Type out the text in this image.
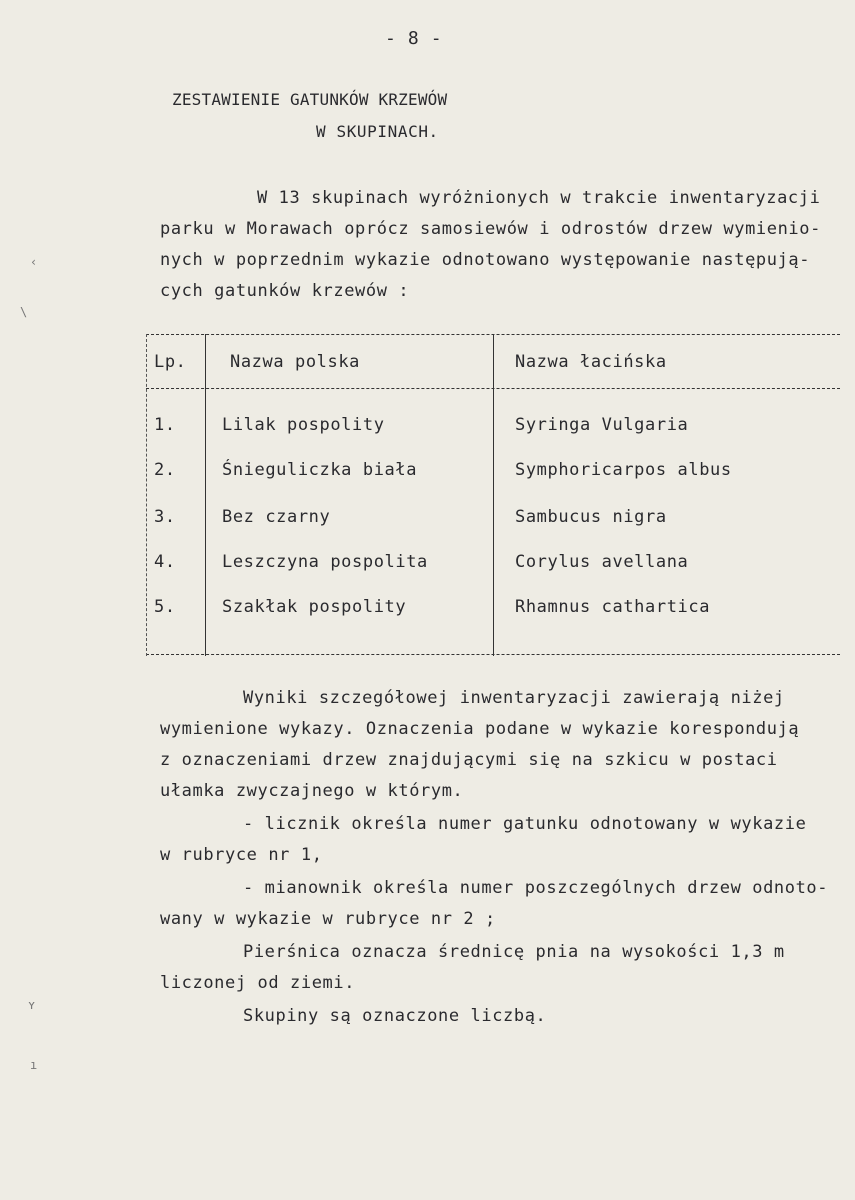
- 8 -
ZESTAWIENIE GATUNKÓW KRZEWÓW
W SKUPINACH.
W 13 skupinach wyróżnionych w trakcie inwentaryzacji
parku w Morawach oprócz samosiewów i odrostów drzew wymienio-
nych w poprzednim wykazie odnotowano występowanie następują-
cych gatunków krzewów :
Lp.	Nazwa polska	Nazwa łacińska
1.	Lilak pospolity	Syringa Vulgaria
2.	Śnieguliczka biała	Symphoricarpos albus
3.	Bez czarny	Sambucus nigra
4.	Leszczyna pospolita	Corylus avellana
5.	Szakłak pospolity	Rhamnus cathartica
Wyniki szczegółowej inwentaryzacji zawierają niżej
wymienione wykazy. Oznaczenia podane w wykazie korespondują
z oznaczeniami drzew znajdującymi się na szkicu w postaci
ułamka zwyczajnego w którym.
- licznik określa numer gatunku odnotowany w wykazie
w rubryce nr 1,
- mianownik określa numer poszczególnych drzew odnoto-
wany w wykazie w rubryce nr 2 ;
Pierśnica oznacza średnicę pnia na wysokości 1,3 m
liczonej od ziemi.
Skupiny są oznaczone liczbą.
‹
\
ʏ
ı
